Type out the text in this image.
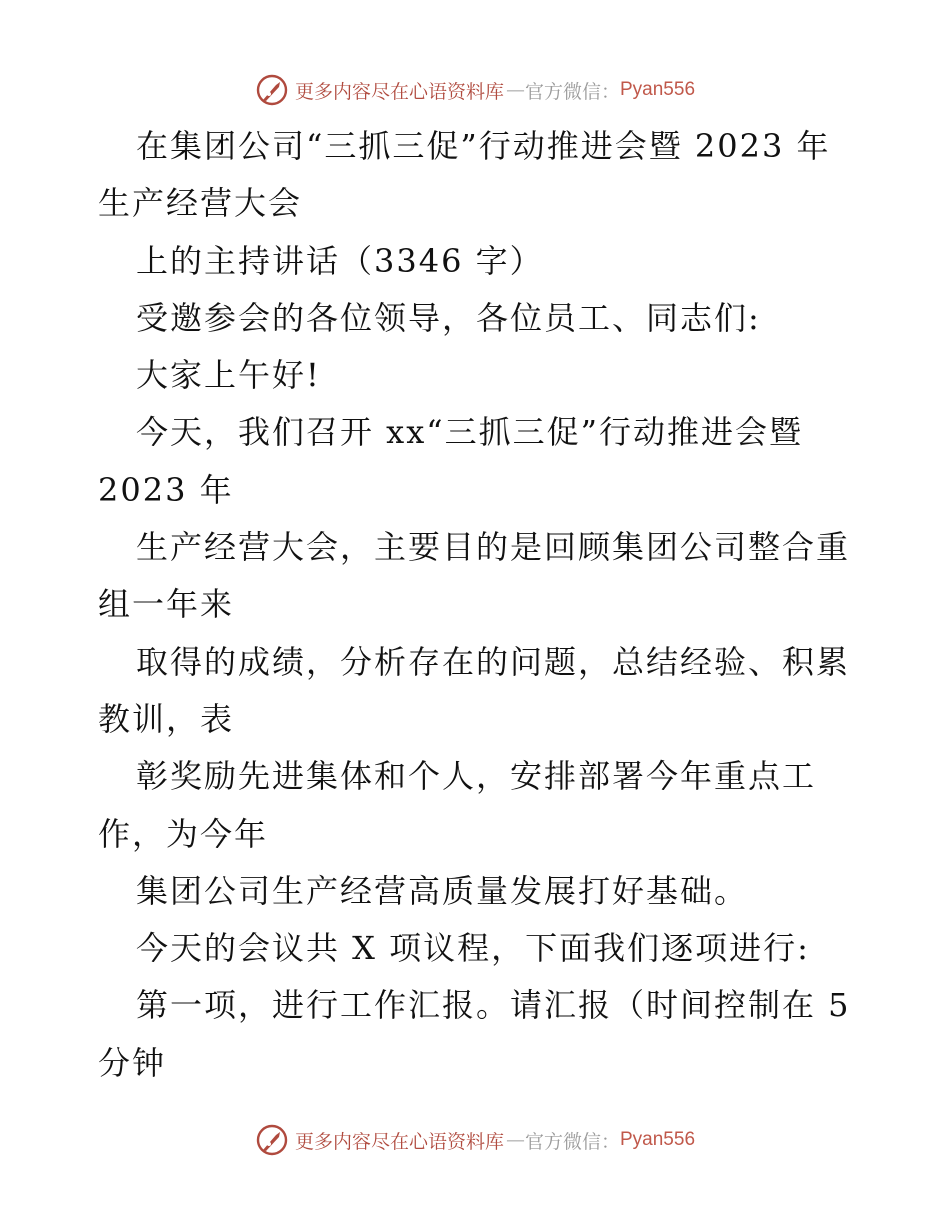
更多内容尽在心语资料库 — 官方微信： Pyan556
在集团公司“三抓三促”行动推进会暨 2023 年
生产经营大会
上的主持讲话（3346 字）
受邀参会的各位领导，各位员工、同志们:
大家上午好!
今天，我们召开 xx“三抓三促”行动推进会暨
2023 年
生产经营大会，主要目的是回顾集团公司整合重
组一年来
取得的成绩，分析存在的问题，总结经验、积累
教训，表
彰奖励先进集体和个人，安排部署今年重点工
作，为今年
集团公司生产经营高质量发展打好基础。
今天的会议共 X 项议程，下面我们逐项进行:
第一项，进行工作汇报。请汇报（时间控制在 5
分钟
更多内容尽在心语资料库 — 官方微信： Pyan556
